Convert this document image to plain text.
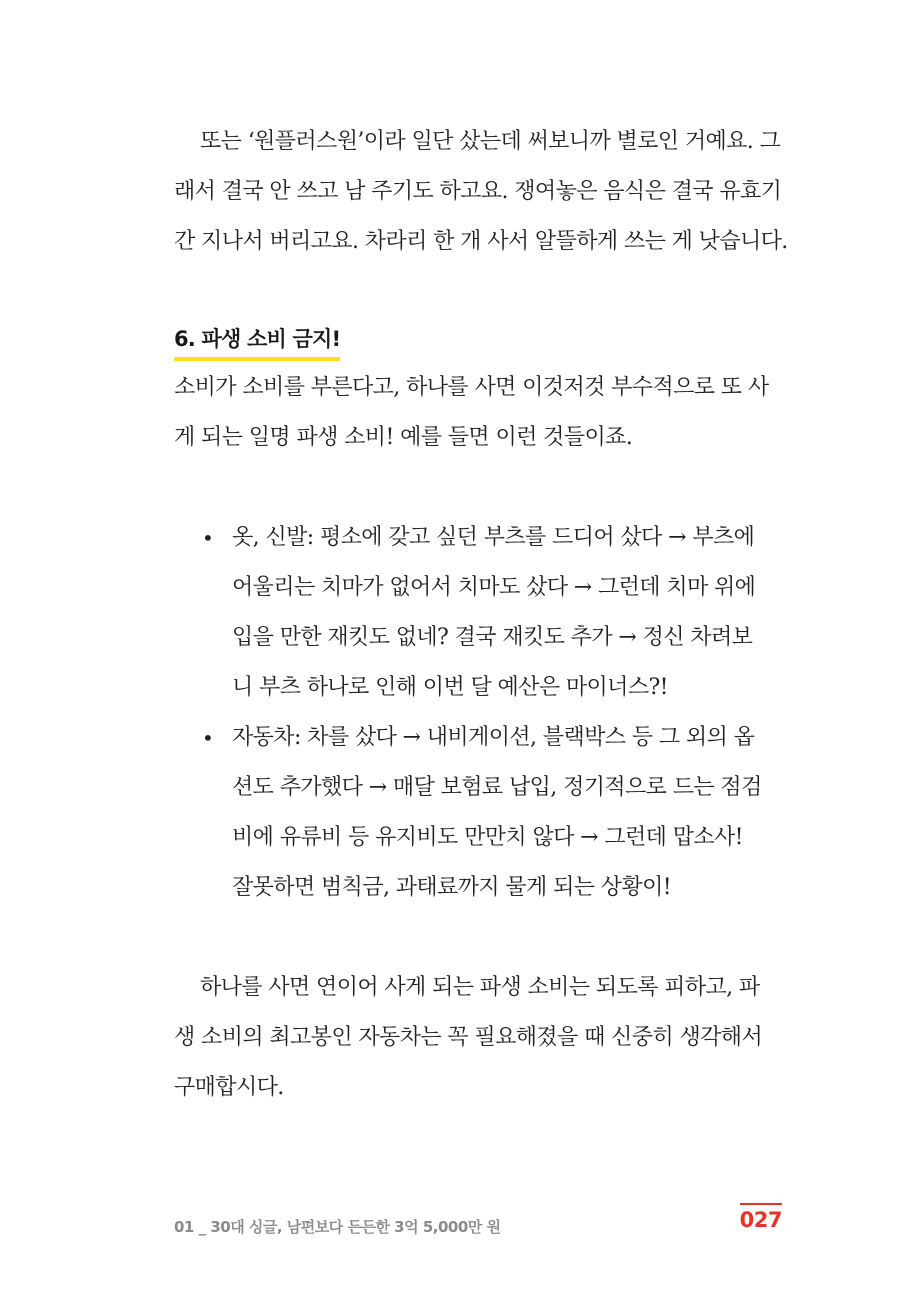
또는 ‘원플러스원’이라 일단 샀는데 써보니까 별로인 거예요. 그
래서 결국 안 쓰고 남 주기도 하고요. 쟁여놓은 음식은 결국 유효기
간 지나서 버리고요. 차라리 한 개 사서 알뜰하게 쓰는 게 낫습니다.

6. 파생 소비 금지!

소비가 소비를 부른다고, 하나를 사면 이것저것 부수적으로 또 사
게 되는 일명 파생 소비! 예를 들면 이런 것들이죠.

• 옷, 신발: 평소에 갖고 싶던 부츠를 드디어 샀다 → 부츠에
어울리는 치마가 없어서 치마도 샀다 → 그런데 치마 위에
입을 만한 재킷도 없네? 결국 재킷도 추가 → 정신 차려보
니 부츠 하나로 인해 이번 달 예산은 마이너스?!
• 자동차: 차를 샀다 → 내비게이션, 블랙박스 등 그 외의 옵
션도 추가했다 → 매달 보험료 납입, 정기적으로 드는 점검
비에 유류비 등 유지비도 만만치 않다 → 그런데 맙소사!
잘못하면 범칙금, 과태료까지 물게 되는 상황이!

하나를 사면 연이어 사게 되는 파생 소비는 되도록 피하고, 파
생 소비의 최고봉인 자동차는 꼭 필요해졌을 때 신중히 생각해서
구매합시다.

01 _ 30대 싱글, 남편보다 든든한 3억 5,000만 원	027
